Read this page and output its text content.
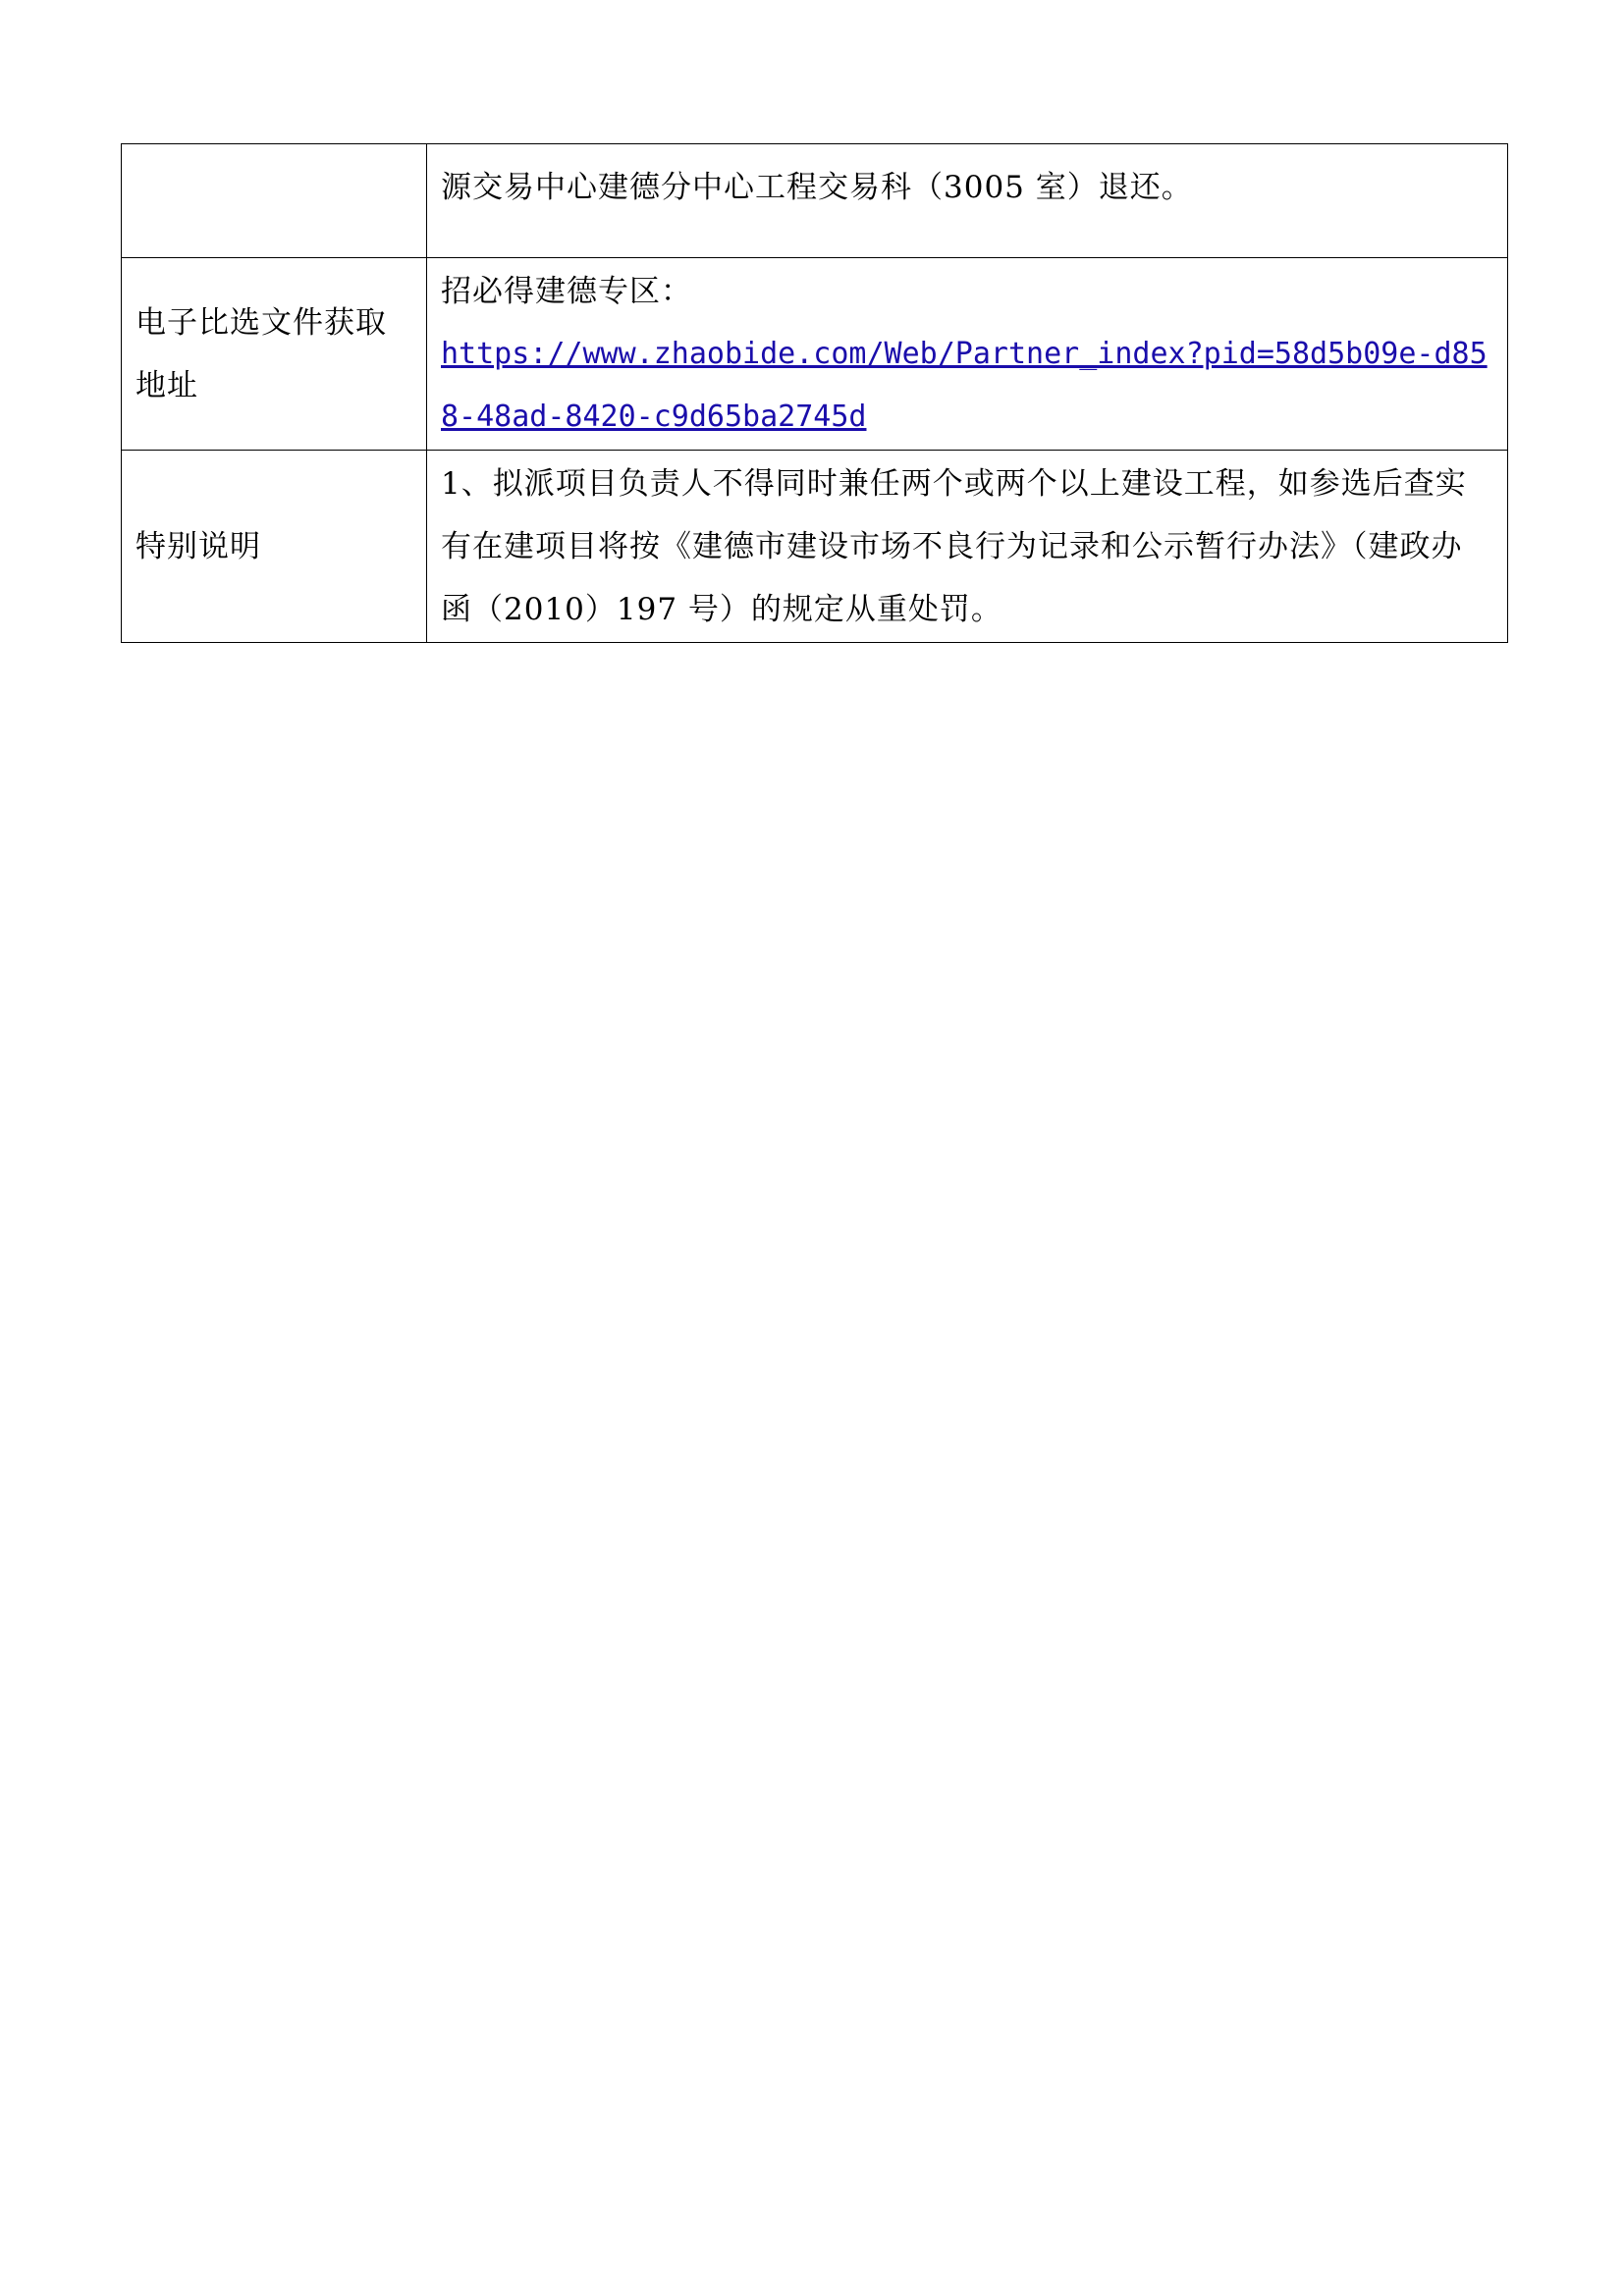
	源交易中心建德分中心工程交易科（3005 室）退还。
电子比选文件获取地址	招必得建德专区：
https://www.zhaobide.com/Web/Partner_index?pid=58d5b09e-d858-48ad-8420-c9d65ba2745d

特别说明	1、拟派项目负责人不得同时兼任两个或两个以上建设工程，如参选后查实有在建项目将按《建德市建设市场不良行为记录和公示暂行办法》（建政办函（2010）197 号）的规定从重处罚。
